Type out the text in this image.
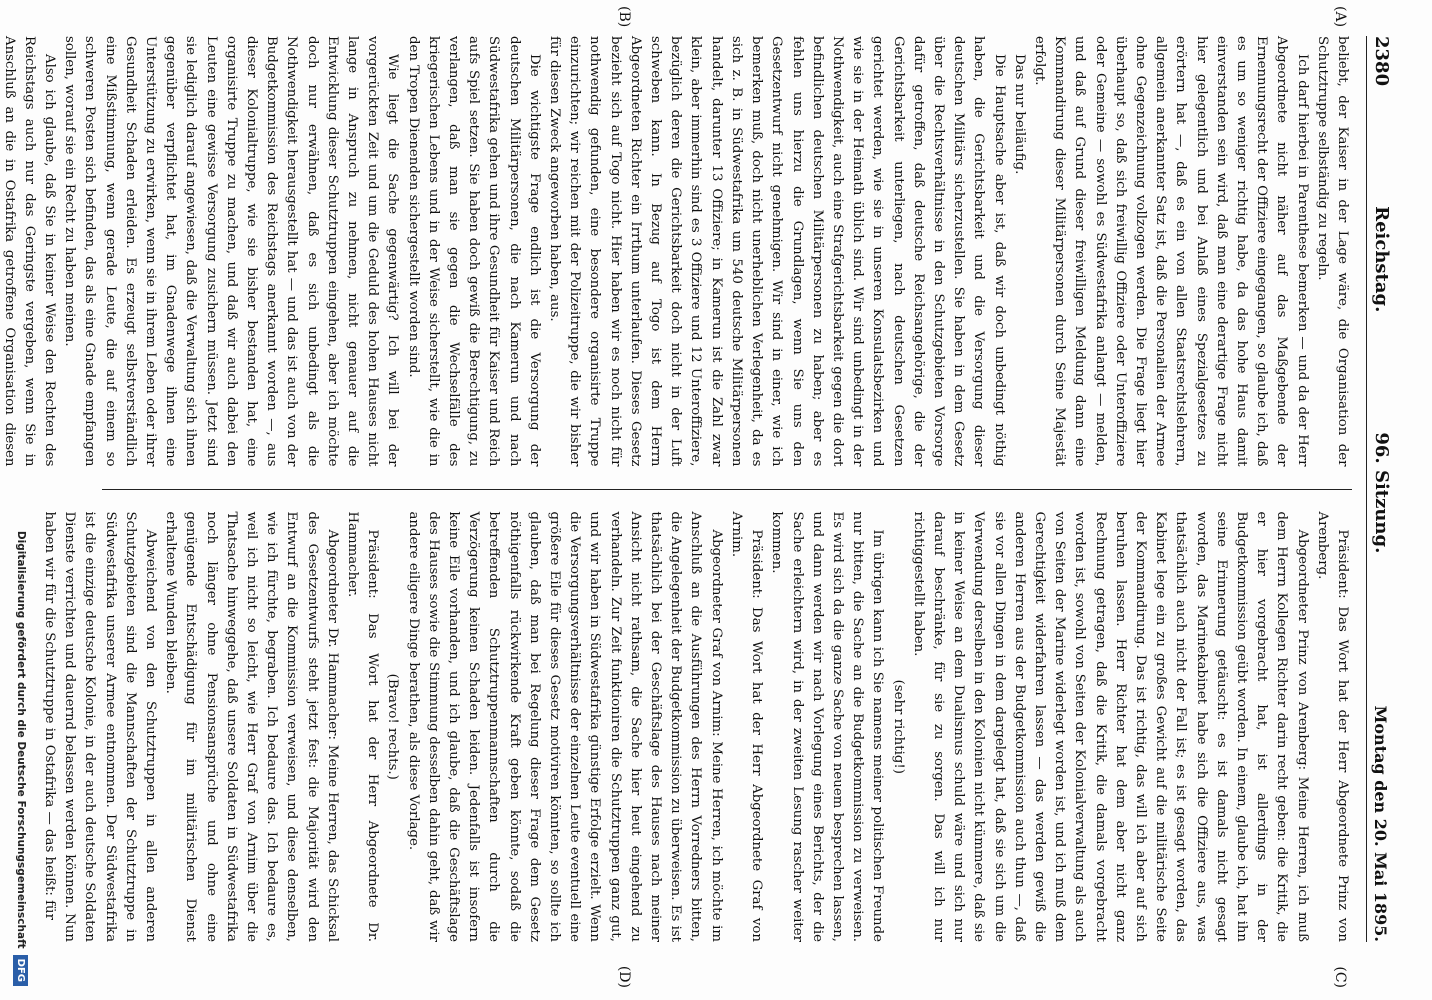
2380
Reichstag.
96. Sitzung.
Montag den 20. Mai 1895.
(A)
(B)
(C)
(D)

beliebt, der Kaiser in der Lage wäre, die Organisation der Schutztruppe selbständig zu regeln.

Ich darf hierbei in Parenthese bemerken — und da der Herr Abgeordnete nicht näher auf das Maßgebende der Ernennungsrecht der Offiziere eingegangen, so glaube ich, daß es um so weniger richtig habe, da das hohe Haus damit einverstanden sein wird, daß man eine derartige Frage nicht hier gelegentlich und bei Anlaß eines Spezialgesetzes zu erörtern hat —, daß es ein von allen Staatsrechtslehrern, allgemein anerkannter Satz ist, daß die Personalien der Armee ohne Gegenzeichnung vollzogen werden. Die Frage liegt hier überhaupt so, daß sich freiwillig Offiziere oder Unteroffiziere oder Gemeine — sowohl es Südwestafrika anlangt — melden, und daß auf Grund dieser freiwilligen Meldung dann eine Kommandirung dieser Militärpersonen durch Seine Majestät erfolgt.

Das nur beiläufig.

Die Hauptsache aber ist, daß wir doch unbedingt nöthig haben, die Gerichtsbarkeit und die Versorgung dieser deutschen Militärs sicherzustellen. Sie haben in dem Gesetz über die Rechtsverhältnisse in den Schutzgebieten Vorsorge dafür getroffen, daß deutsche Reichsangehörige, die der Gerichtsbarkeit unterliegen, nach deutschen Gesetzen gerichtet werden, wie sie in unseren Konsulatsbezirken und wie sie in der Heimath üblich sind. Wir sind unbedingt in der Nothwendigkeit, auch eine Strafgerichtsbarkeit gegen die dort befindlichen deutschen Militärpersonen zu haben; aber es fehlen uns hierzu die Grundlagen, wenn Sie uns den Gesetzentwurf nicht genehmigen. Wir sind in einer, wie ich bemerken muß, doch nicht unerheblichen Verlegenheit, da es sich z. B. in Südwestafrika um 540 deutsche Militärpersonen handelt, darunter 13 Offiziere; in Kamerun ist die Zahl zwar klein, aber immerhin sind es 3 Offiziere und 12 Unteroffiziere, bezüglich deren die Gerichtsbarkeit doch nicht in der Luft schweben kann. In Bezug auf Togo ist dem Herrn Abgeordneten Richter ein Irrthum unterlaufen. Dieses Gesetz bezieht sich auf Togo nicht. Hier haben wir es noch nicht für nothwendig gefunden, eine besondere organisirte Truppe einzurichten; wir reichen mit der Polizeitruppe, die wir bisher für diesen Zweck angeworben haben, aus.

Die wichtigste Frage endlich ist die Versorgung der deutschen Militärpersonen, die nach Kamerun und nach Südwestafrika gehen und ihre Gesundheit für Kaiser und Reich aufs Spiel setzen. Sie haben doch gewiß die Berechtigung, zu verlangen, daß man sie gegen die Wechselfälle des kriegerischen Lebens und in der Weise sicherstellt, wie die in den Tropen Dienenden sichergestellt worden sind.

Wie liegt die Sache gegenwärtig? Ich will bei der vorgerückten Zeit und um die Geduld des hohen Hauses nicht lange in Anspruch zu nehmen, nicht genauer auf die Entwicklung dieser Schutztruppen eingehen, aber ich möchte doch nur erwähnen, daß es sich unbedingt als die Nothwendigkeit herausgestellt hat — und das ist auch von der Budgetkommission des Reichstags anerkannt worden —, aus dieser Kolonialtruppe, wie sie bisher bestanden hat, eine organisirte Truppe zu machen, und daß wir auch dabei den Leuten eine gewisse Versorgung zusichern müssen. Jetzt sind sie lediglich darauf angewiesen, daß die Verwaltung sich ihnen gegenüber verpflichtet hat, im Gnadenwege ihnen eine Unterstützung zu erwirken, wenn sie in ihrem Leben oder ihrer Gesundheit Schaden erleiden. Es erzeugt selbstverständlich eine Mißstimmung, wenn gerade Leute, die auf einem so schweren Posten sich befinden, das als eine Gnade empfangen sollen, worauf sie ein Recht zu haben meinen.

Also ich glaube, daß Sie in keiner Weise den Rechten des Reichstags auch nur das Geringste vergeben, wenn Sie in Anschluß an die in Ostafrika getroffene Organisation diesen

Präsident: Das Wort hat der Herr Abgeordnete Prinz von Arenberg.

Abgeordneter Prinz von Arenberg: Meine Herren, ich muß dem Herrn Kollegen Richter darin recht geben: die Kritik, die er hier vorgebracht hat, ist allerdings in der Budgetkommission geübt worden. In einem, glaube ich, hat ihn seine Erinnerung getäuscht: es ist damals nicht gesagt worden, das Marinekabinet habe sich die Offiziere aus, was thatsächlich auch nicht der Fall ist; es ist gesagt worden, das Kabinet lege ein zu großes Gewicht auf die militärische Seite der Kommandirung. Das ist richtig, das will ich aber auf sich beruhen lassen. Herr Richter hat dem aber nicht ganz Rechnung getragen, daß die Kritik, die damals vorgebracht worden ist, sowohl von Seiten der Kolonialverwaltung als auch von Seiten der Marine widerlegt worden ist, und ich muß dem Gerechtigkeit widerfahren lassen — das werden gewiß die anderen Herren aus der Budgetkommission auch thun —, daß sie vor allen Dingen in dem dargelegt hat, daß sie sich um die Verwendung derselben in den Kolonien nicht kümmere, daß sie in keiner Weise an dem Dualismus schuld wäre und sich nur darauf beschränke, für sie zu sorgen. Das will ich nur richtiggestellt haben.

(sehr richtig!)

Im übrigen kann ich Sie namens meiner politischen Freunde nur bitten, die Sache an die Budgetkommission zu verweisen. Es wird sich da die ganze Sache von neuem besprechen lassen, und dann werden wir nach Vorlegung eines Berichts, der die Sache erleichtern wird, in der zweiten Lesung rascher weiter kommen.

Präsident: Das Wort hat der Herr Abgeordnete Graf von Arnim.

Abgeordneter Graf von Arnim: Meine Herren, ich möchte im Anschluß an die Ausführungen des Herrn Vorredners bitten, die Angelegenheit der Budgetkommission zu überweisen. Es ist thatsächlich bei der Geschäftslage des Hauses nach meiner Ansicht nicht rathsam, die Sache hier heut eingehend zu verhandeln. Zur Zeit funktioniren die Schutztruppen ganz gut, und wir haben in Südwestafrika günstige Erfolge erzielt. Wenn die Versorgungsverhältnisse der einzelnen Leute eventuell eine größere Eile für dieses Gesetz motiviren könnten, so sollte ich glauben, daß man bei Regelung dieser Frage dem Gesetz nöthigenfalls rückwirkende Kraft geben könnte, sodaß die betreffenden Schutztruppenmannschaften durch die Verzögerung keinen Schaden leiden. Jedenfalls ist insofern keine Eile vorhanden, und ich glaube, daß die Geschäftslage des Hauses sowie die Stimmung desselben dahin geht, daß wir andere eiligere Dinge berathen, als diese Vorlage.

(Bravo! rechts.)

Präsident: Das Wort hat der Herr Abgeordnete Dr. Hammacher.

Abgeordneter Dr. Hammacher: Meine Herren, das Schicksal des Gesetzentwurfs steht jetzt fest: die Majorität wird den Entwurf an die Kommission verweisen, und diese denselben, wie ich fürchte, begraben. Ich bedaure das. Ich bedaure es, weil ich nicht so leicht, wie Herr Graf von Arnim über die Thatsache hinweggehe, daß unsere Soldaten in Südwestafrika noch länger ohne Pensionsansprüche und ohne eine genügende Entschädigung für im militärischen Dienst erhaltene Wunden bleiben.

Abweichend von den Schutztruppen in allen anderen Schutzgebieten sind die Mannschaften der Schutztruppe in Südwestafrika unserer Armee entnommen. Der Südwestafrika ist die einzige deutsche Kolonie, in der auch deutsche Soldaten Dienste verrichten und dauernd belassen werden können. Nun haben wir für die Schutztruppe in Ostafrika — das heißt: für

Digitalisierung gefördert durch die Deutsche ForschungsgemeinschaftDFG
